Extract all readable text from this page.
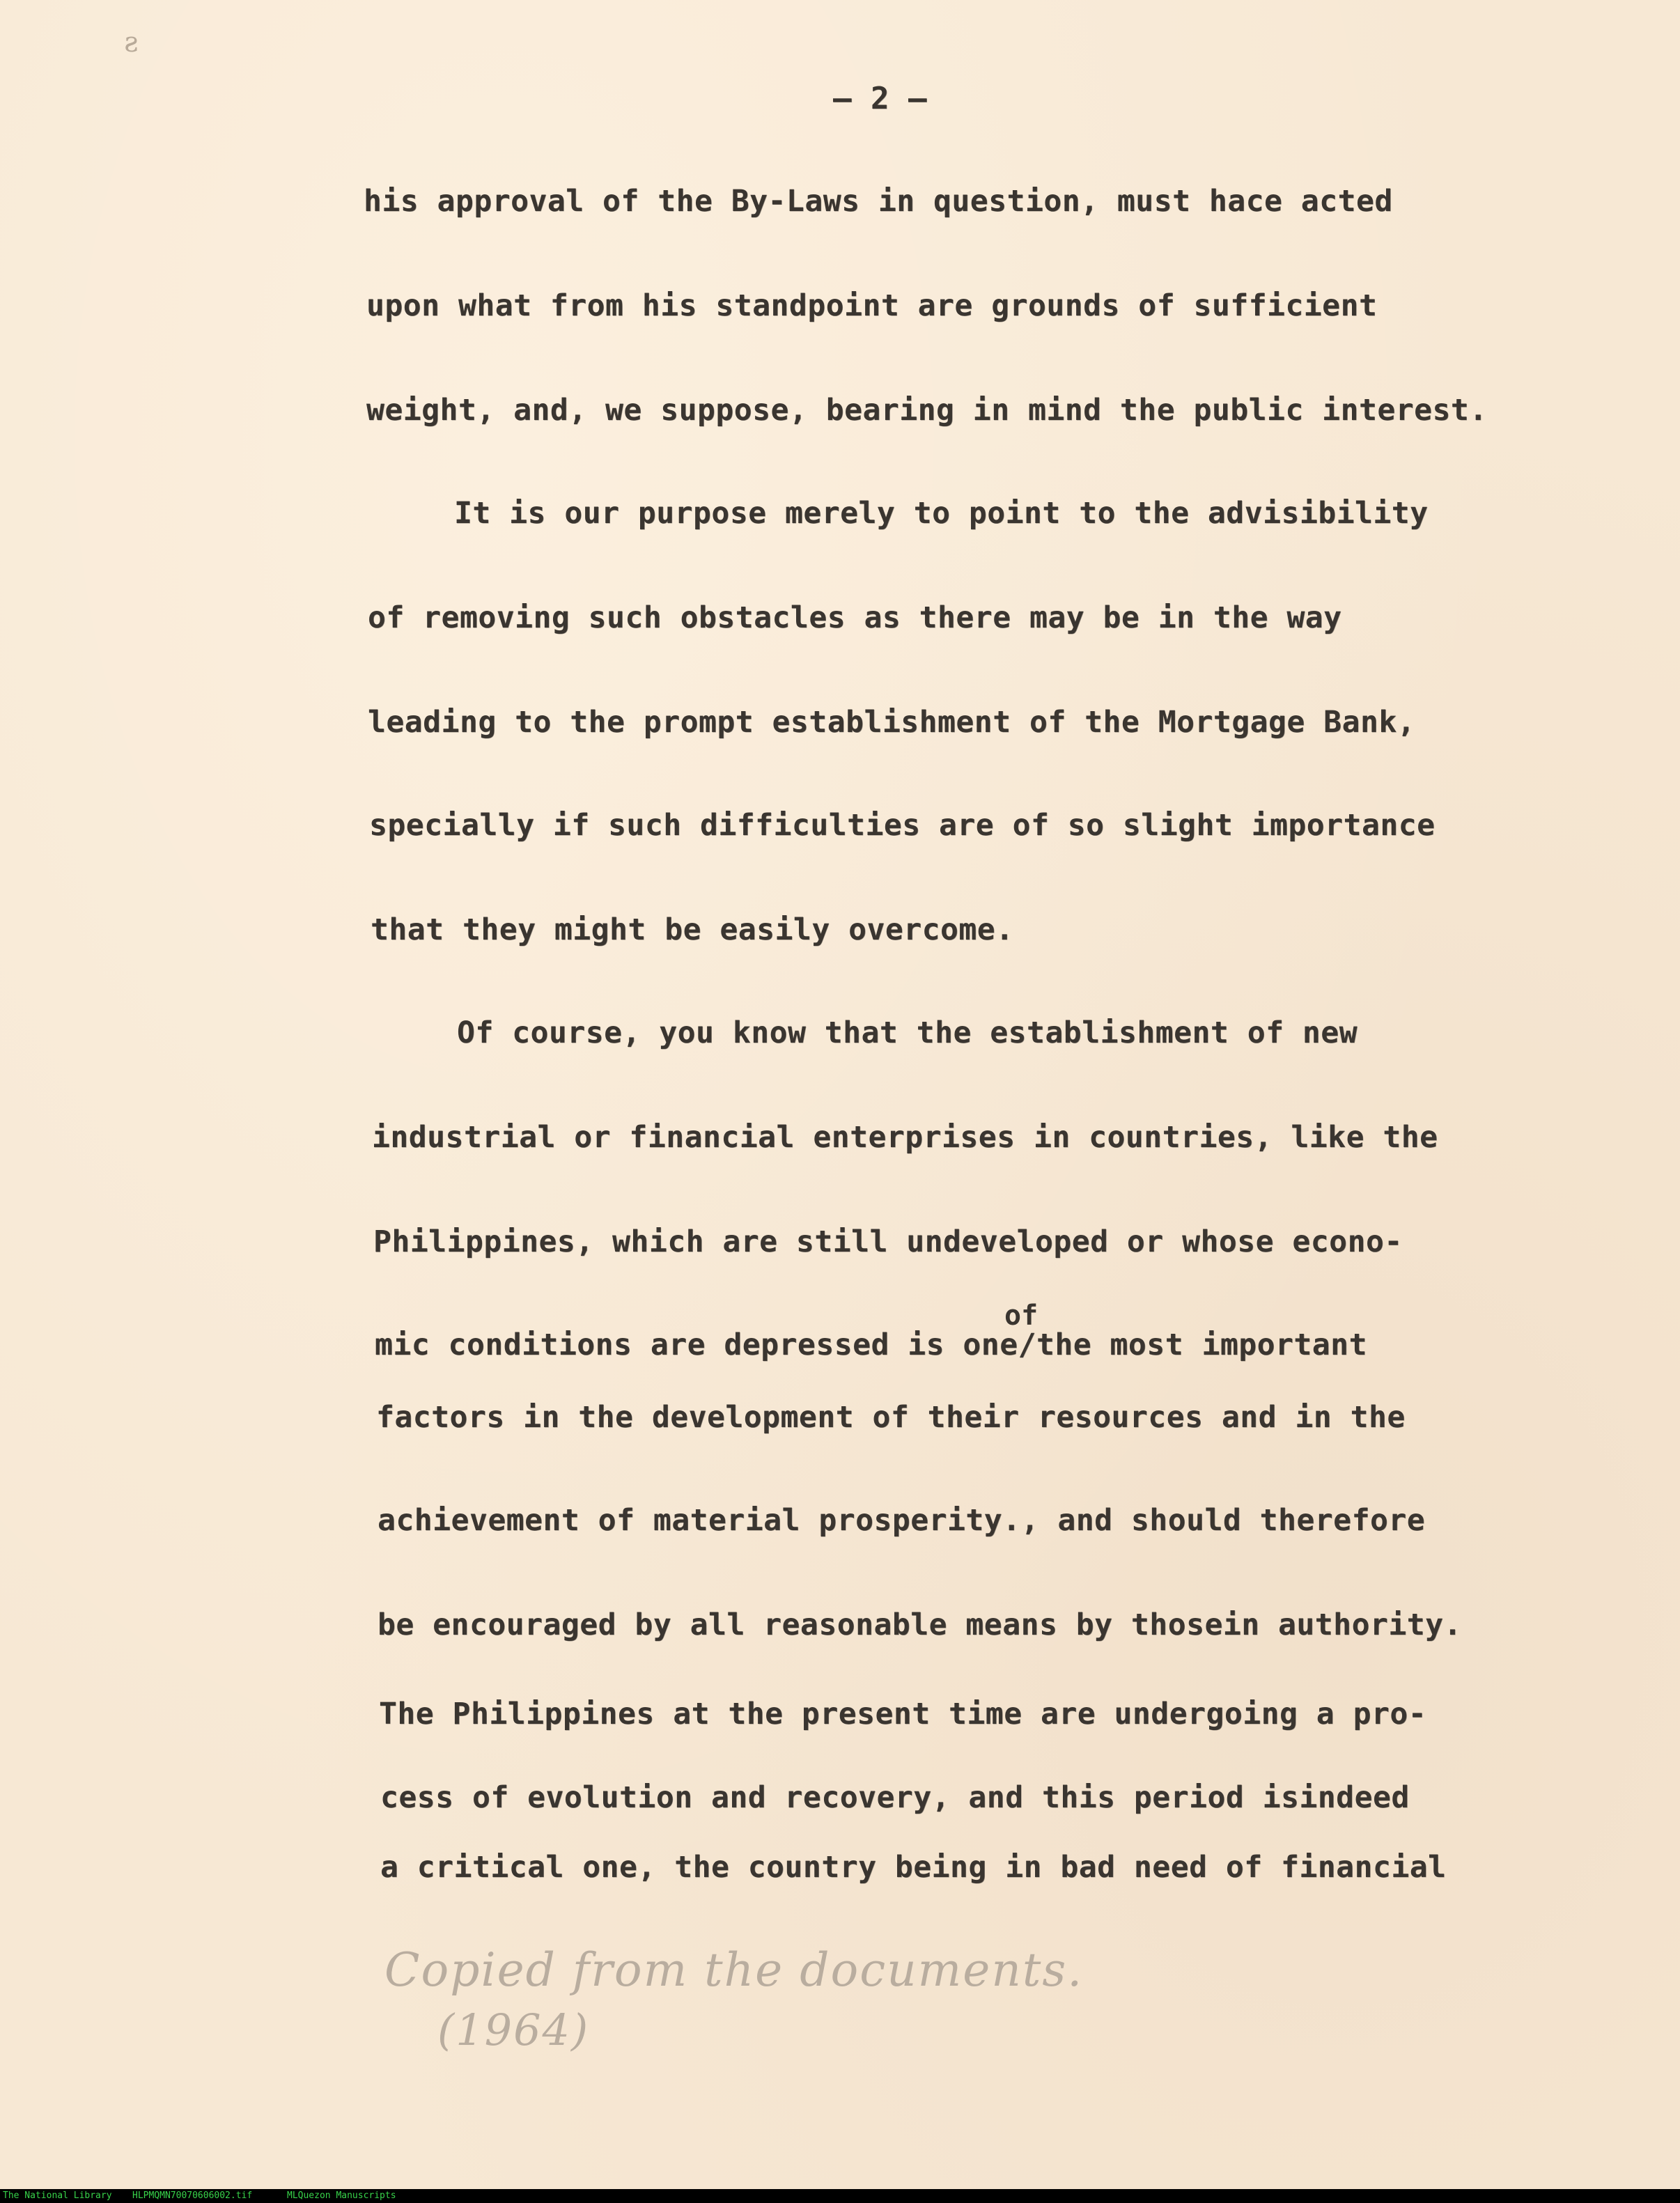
ƨ

— 2 —

his approval of the By-Laws in question, must hace acted

upon what from his standpoint are grounds of sufficient

weight, and, we suppose, bearing in mind the public interest.

It is our purpose merely to point to the advisibility

of removing such obstacles as there may be in the way

leading to the prompt establishment of the Mortgage Bank,

specially if such difficulties are of so slight importance

that they might be easily overcome.

Of course, you know that the establishment of new

industrial or financial enterprises in countries, like the

Philippines, which are still undeveloped or whose econo-

of

mic conditions are depressed is one/the most important

factors in the development of their resources and in the

achievement of material prosperity., and should therefore

be encouraged by all reasonable means by thosein authority.

The Philippines at the present time are undergoing a pro-

cess of evolution and recovery, and this period isindeed

a critical one, the country being in bad need of financial

Copied from the documents.
(1964)
The National Library HLPMQMN70070606002.tif	MLQuezon Manuscripts
